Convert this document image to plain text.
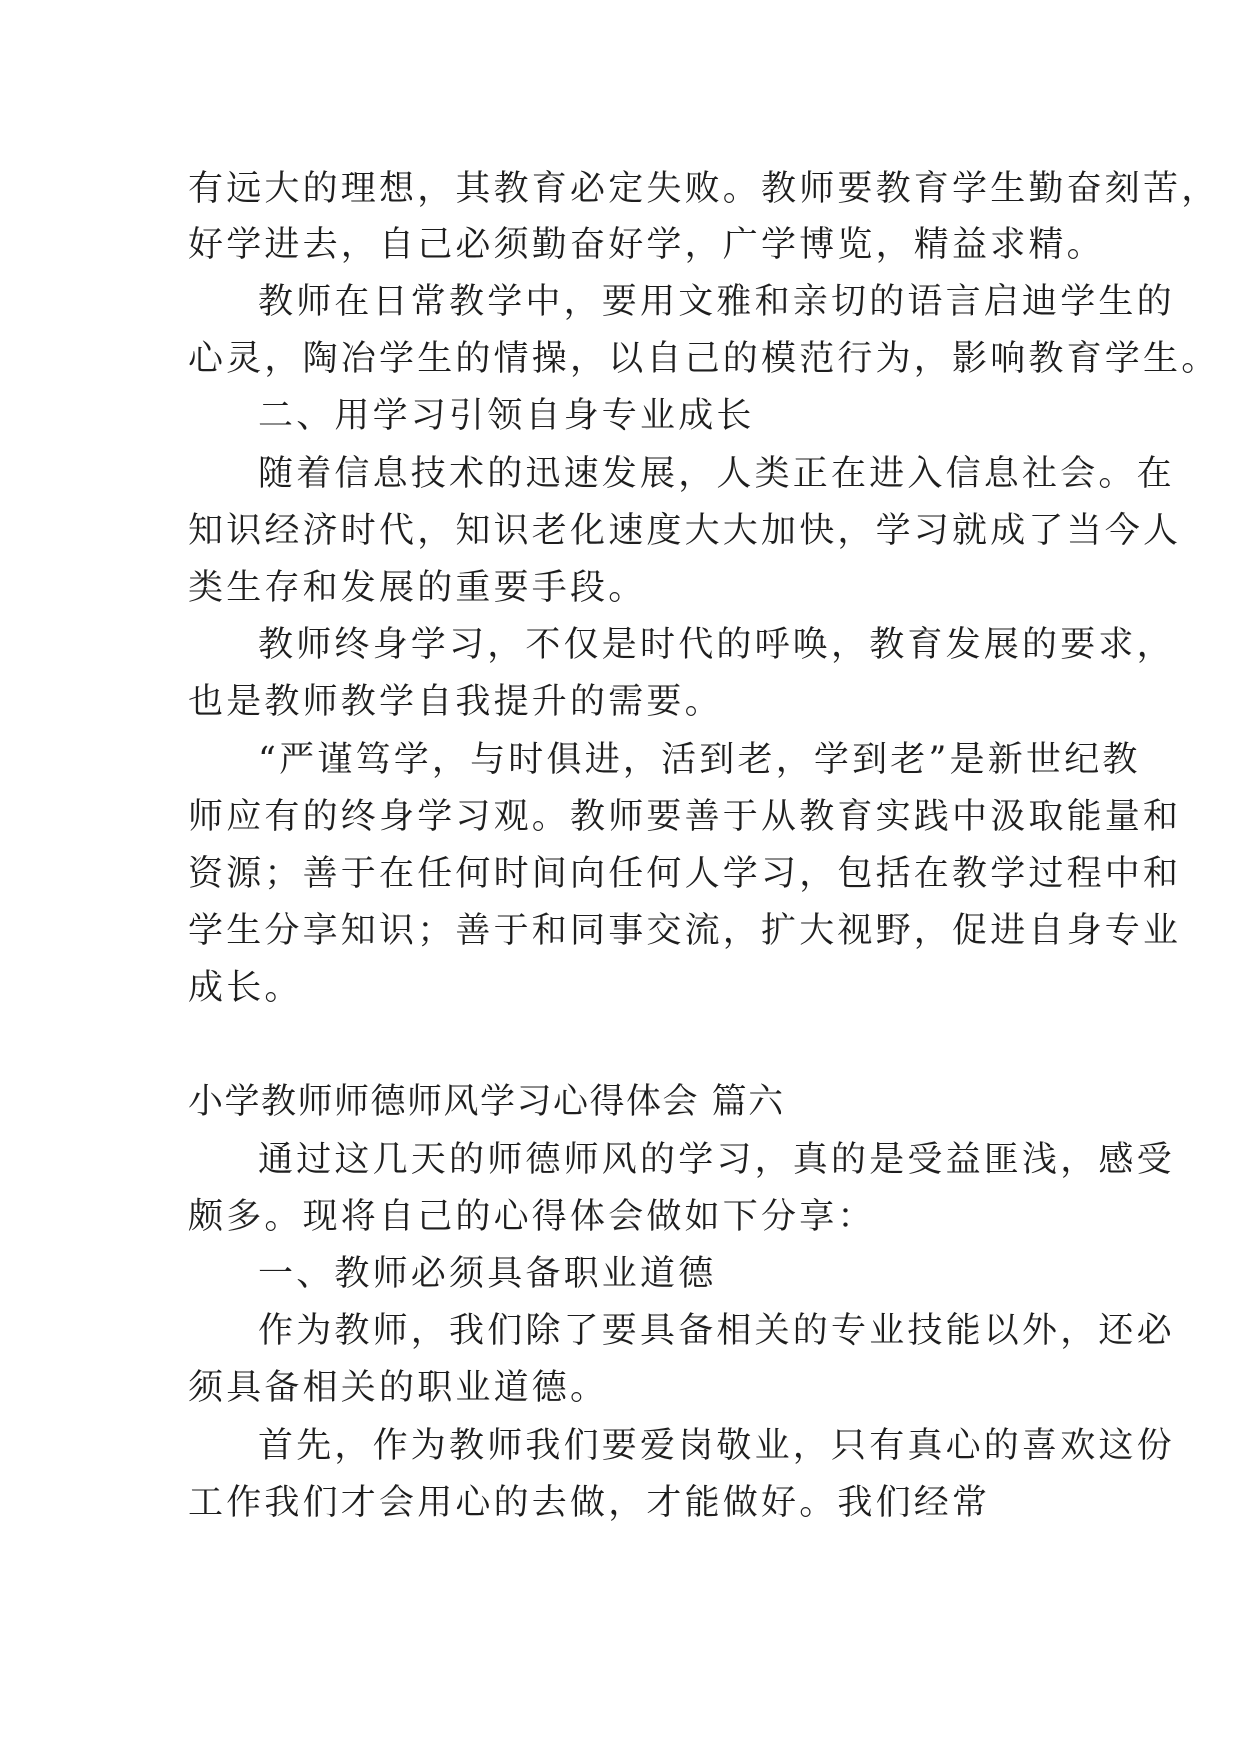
有远大的理想，其教育必定失败。教师要教育学生勤奋刻苦，
好学进去，自己必须勤奋好学，广学博览，精益求精。
教师在日常教学中，要用文雅和亲切的语言启迪学生的
心灵，陶冶学生的情操，以自己的模范行为，影响教育学生。
二、用学习引领自身专业成长
随着信息技术的迅速发展，人类正在进入信息社会。在
知识经济时代，知识老化速度大大加快，学习就成了当今人
类生存和发展的重要手段。
教师终身学习，不仅是时代的呼唤，教育发展的要求，
也是教师教学自我提升的需要。
“严谨笃学，与时俱进，活到老，学到老”是新世纪教
师应有的终身学习观。教师要善于从教育实践中汲取能量和
资源；善于在任何时间向任何人学习，包括在教学过程中和
学生分享知识；善于和同事交流，扩大视野，促进自身专业
成长。
小学教师师德师风学习心得体会 篇六
通过这几天的师德师风的学习，真的是受益匪浅，感受
颇多。现将自己的心得体会做如下分享：
一、教师必须具备职业道德
作为教师，我们除了要具备相关的专业技能以外，还必
须具备相关的职业道德。
首先，作为教师我们要爱岗敬业，只有真心的喜欢这份
工作我们才会用心的去做，才能做好。我们经常
